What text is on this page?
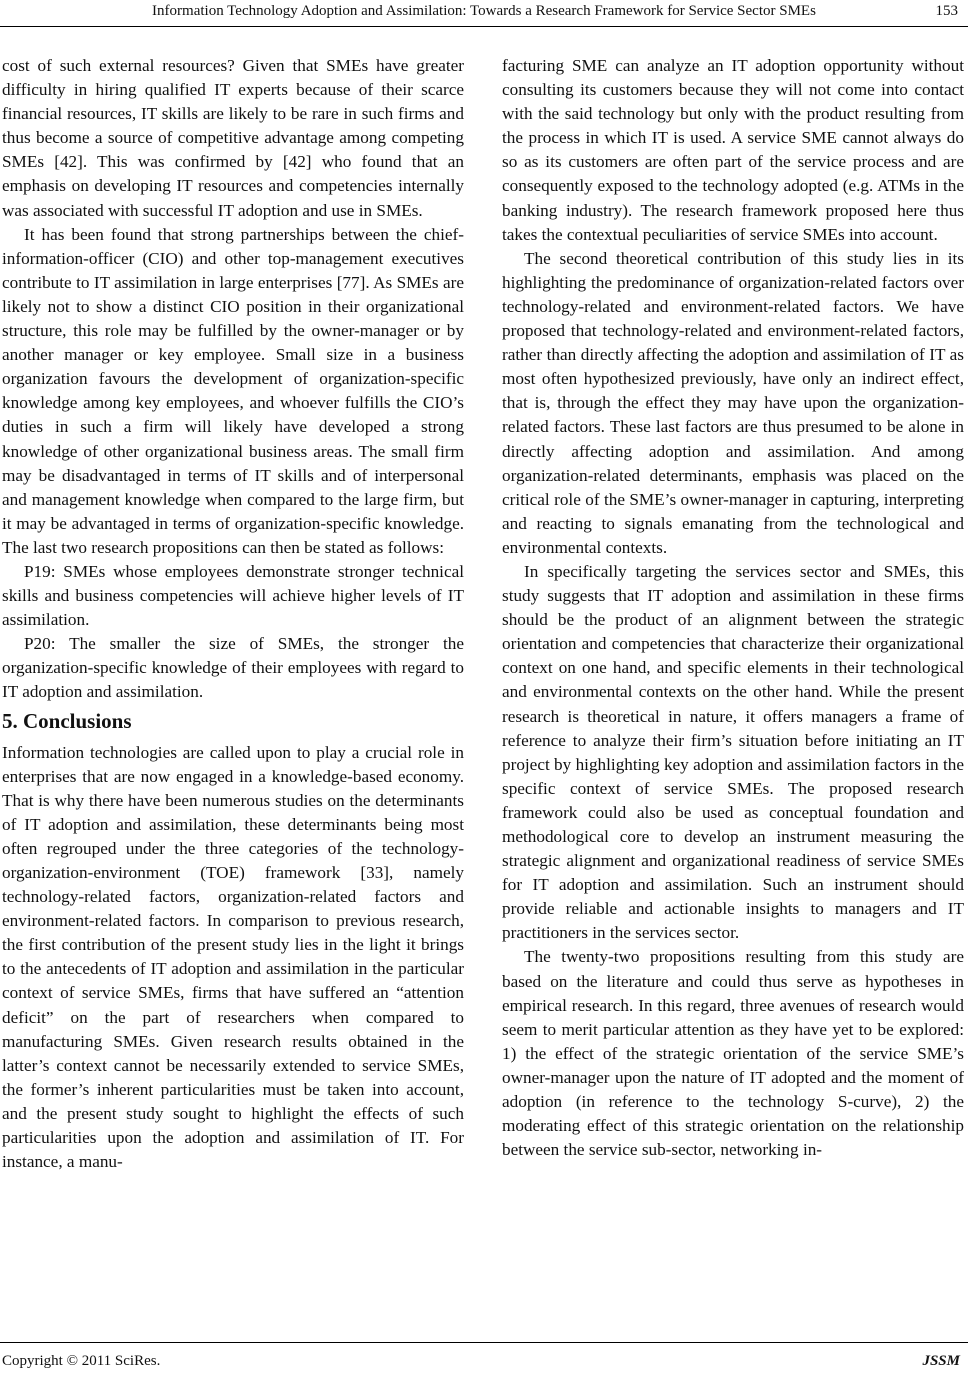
Information Technology Adoption and Assimilation: Towards a Research Framework for Service Sector SMEs	153

cost of such external resources? Given that SMEs have greater difficulty in hiring qualified IT experts because of their scarce financial resources, IT skills are likely to be rare in such firms and thus become a source of competitive advantage among competing SMEs [42]. This was confirmed by [42] who found that an emphasis on developing IT resources and competencies internally was associated with successful IT adoption and use in SMEs.

It has been found that strong partnerships between the chief-information-officer (CIO) and other top-management executives contribute to IT assimilation in large enterprises [77]. As SMEs are likely not to show a distinct CIO position in their organizational structure, this role may be fulfilled by the owner-manager or by another manager or key employee. Small size in a business organization favours the development of organization-specific knowledge among key employees, and whoever fulfills the CIO’s duties in such a firm will likely have developed a strong knowledge of other organizational business areas. The small firm may be disadvantaged in terms of IT skills and of interpersonal and management knowledge when compared to the large firm, but it may be advantaged in terms of organization-specific knowledge. The last two research propositions can then be stated as follows:

P19: SMEs whose employees demonstrate stronger technical skills and business competencies will achieve higher levels of IT assimilation.

P20: The smaller the size of SMEs, the stronger the organization-specific knowledge of their employees with regard to IT adoption and assimilation.

5. Conclusions

Information technologies are called upon to play a crucial role in enterprises that are now engaged in a knowledge-based economy. That is why there have been numerous studies on the determinants of IT adoption and assimilation, these determinants being most often regrouped under the three categories of the technology-organization-environment (TOE) framework [33], namely technology-related factors, organization-related factors and environment-related factors. In comparison to previous research, the first contribution of the present study lies in the light it brings to the antecedents of IT adoption and assimilation in the particular context of service SMEs, firms that have suffered an “attention deficit” on the part of researchers when compared to manufacturing SMEs. Given research results obtained in the latter’s context cannot be necessarily extended to service SMEs, the former’s inherent particularities must be taken into account, and the present study sought to highlight the effects of such particularities upon the adoption and assimilation of IT. For instance, a manu-

facturing SME can analyze an IT adoption opportunity without consulting its customers because they will not come into contact with the said technology but only with the product resulting from the process in which IT is used. A service SME cannot always do so as its customers are often part of the service process and are consequently exposed to the technology adopted (e.g. ATMs in the banking industry). The research framework proposed here thus takes the contextual peculiarities of service SMEs into account.

The second theoretical contribution of this study lies in its highlighting the predominance of organization-related factors over technology-related and environment-related factors. We have proposed that technology-related and environment-related factors, rather than directly affecting the adoption and assimilation of IT as most often hypothesized previously, have only an indirect effect, that is, through the effect they may have upon the organization-related factors. These last factors are thus presumed to be alone in directly affecting adoption and assimilation. And among organization-related determinants, emphasis was placed on the critical role of the SME’s owner-manager in capturing, interpreting and reacting to signals emanating from the technological and environmental contexts.

In specifically targeting the services sector and SMEs, this study suggests that IT adoption and assimilation in these firms should be the product of an alignment between the strategic orientation and competencies that characterize their organizational context on one hand, and specific elements in their technological and environmental contexts on the other hand. While the present research is theoretical in nature, it offers managers a frame of reference to analyze their firm’s situation before initiating an IT project by highlighting key adoption and assimilation factors in the specific context of service SMEs. The proposed research framework could also be used as conceptual foundation and methodological core to develop an instrument measuring the strategic alignment and organizational readiness of service SMEs for IT adoption and assimilation. Such an instrument should provide reliable and actionable insights to managers and IT practitioners in the services sector.

The twenty-two propositions resulting from this study are based on the literature and could thus serve as hypotheses in empirical research. In this regard, three avenues of research would seem to merit particular attention as they have yet to be explored: 1) the effect of the strategic orientation of the service SME’s owner-manager upon the nature of IT adopted and the moment of adoption (in reference to the technology S-curve), 2) the moderating effect of this strategic orientation on the relationship between the service sub-sector, networking in-

Copyright © 2011 SciRes.	JSSM
